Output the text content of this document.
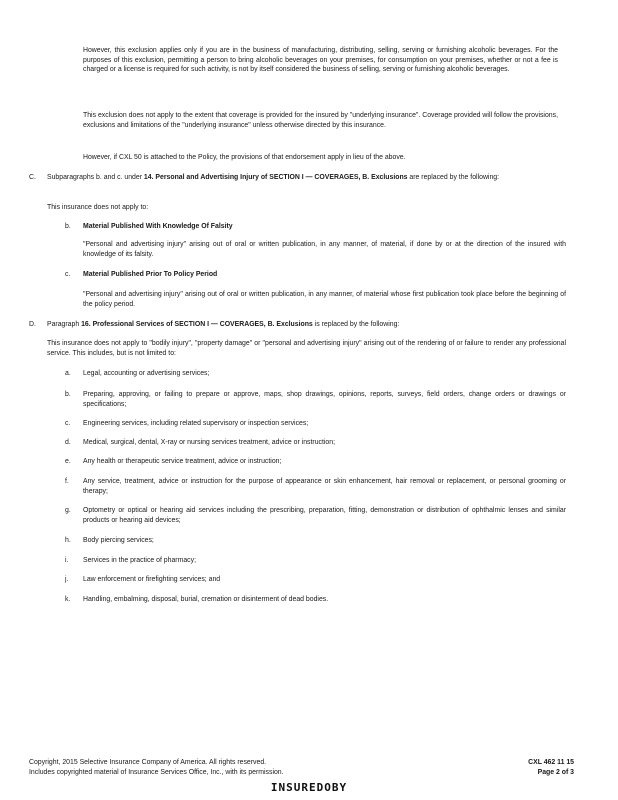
However, this exclusion applies only if you are in the business of manufacturing, distributing, selling, serving or furnishing alcoholic beverages. For the purposes of this exclusion, permitting a person to bring alcoholic beverages on your premises, for consumption on your premises, whether or not a fee is charged or a license is required for such activity, is not by itself considered the business of selling, serving or furnishing alcoholic beverages.

This exclusion does not apply to the extent that coverage is provided for the insured by "underlying insurance". Coverage provided will follow the provisions, exclusions and limitations of the "underlying insurance" unless otherwise directed by this insurance.

However, if CXL 50 is attached to the Policy, the provisions of that endorsement apply in lieu of the above.

C.	Subparagraphs b. and c. under 14. Personal and Advertising Injury of SECTION I — COVERAGES, B. Exclusions are replaced by the following:

This insurance does not apply to:

b.	Material Published With Knowledge Of Falsity
"Personal and advertising injury" arising out of oral or written publication, in any manner, of material, if done by or at the direction of the insured with knowledge of its falsity.
c.	Material Published Prior To Policy Period
"Personal and advertising injury" arising out of oral or written publication, in any manner, of material whose first publication took place before the beginning of the policy period.
D.	Paragraph 16. Professional Services of SECTION I — COVERAGES, B. Exclusions is replaced by the following:

This insurance does not apply to "bodily injury", "property damage" or "personal and advertising injury" arising out of the rendering of or failure to render any professional service. This includes, but is not limited to:

a.	Legal, accounting or advertising services;
b.	Preparing, approving, or failing to prepare or approve, maps, shop drawings, opinions, reports, surveys, field orders, change orders or drawings or specifications;
c.	Engineering services, including related supervisory or inspection services;
d.	Medical, surgical, dental, X-ray or nursing services treatment, advice or instruction;
e.	Any health or therapeutic service treatment, advice or instruction;
f.	Any service, treatment, advice or instruction for the purpose of appearance or skin enhancement, hair removal or replacement, or personal grooming or therapy;
g.	Optometry or optical or hearing aid services including the prescribing, preparation, fitting, demonstration or distribution of ophthalmic lenses and similar products or hearing aid devices;
h.	Body piercing services;
i.	Services in the practice of pharmacy;
j.	Law enforcement or firefighting services; and
k.	Handling, embalming, disposal, burial, cremation or disinterment of dead bodies.
Copyright, 2015 Selective Insurance Company of America. All rights reserved.
Includes copyrighted material of Insurance Services Office, Inc., with its permission.
CXL 462 11 15
Page 2 of 3
INSUREDOBY
